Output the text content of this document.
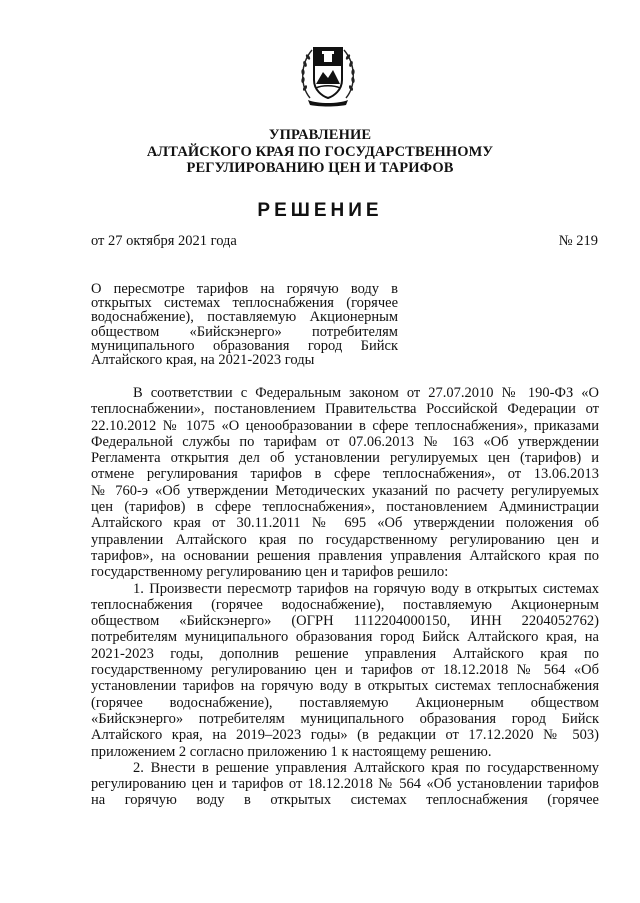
УПРАВЛЕНИЕ
АЛТАЙСКОГО КРАЯ ПО ГОСУДАРСТВЕННОМУ
РЕГУЛИРОВАНИЮ ЦЕН И ТАРИФОВ
РЕШЕНИЕ
от 27 октября 2021 года	№ 219
О пересмотре тарифов на горячую воду в
открытых системах теплоснабжения (горячее
водоснабжение), поставляемую Акционерным
обществом «Бийскэнерго» потребителям
муниципального образования город Бийск
Алтайского края, на 2021-2023 годы
В соответствии с Федеральным законом от 27.07.2010 № 190-ФЗ «О
теплоснабжении», постановлением Правительства Российской Федерации от
22.10.2012 № 1075 «О ценообразовании в сфере теплоснабжения», приказами
Федеральной службы по тарифам от 07.06.2013 № 163 «Об утверждении
Регламента открытия дел об установлении регулируемых цен (тарифов) и
отмене регулирования тарифов в сфере теплоснабжения», от 13.06.2013
№ 760-э «Об утверждении Методических указаний по расчету регулируемых
цен (тарифов) в сфере теплоснабжения», постановлением Администрации
Алтайского края от 30.11.2011 № 695 «Об утверждении положения об
управлении Алтайского края по государственному регулированию цен и
тарифов», на основании решения правления управления Алтайского края по
государственному регулированию цен и тарифов решило:
1. Произвести пересмотр тарифов на горячую воду в открытых системах
теплоснабжения (горячее водоснабжение), поставляемую Акционерным
обществом «Бийскэнерго» (ОГРН 1112204000150, ИНН 2204052762)
потребителям муниципального образования город Бийск Алтайского края, на
2021-2023 годы, дополнив решение управления Алтайского края по
государственному регулированию цен и тарифов от 18.12.2018 № 564 «Об
установлении тарифов на горячую воду в открытых системах теплоснабжения
(горячее водоснабжение), поставляемую Акционерным обществом
«Бийскэнерго» потребителям муниципального образования город Бийск
Алтайского края, на 2019–2023 годы» (в редакции от 17.12.2020 № 503)
приложением 2 согласно приложению 1 к настоящему решению.
2. Внести в решение управления Алтайского края по государственному
регулированию цен и тарифов от 18.12.2018 № 564 «Об установлении тарифов
на горячую воду в открытых системах теплоснабжения (горячее
